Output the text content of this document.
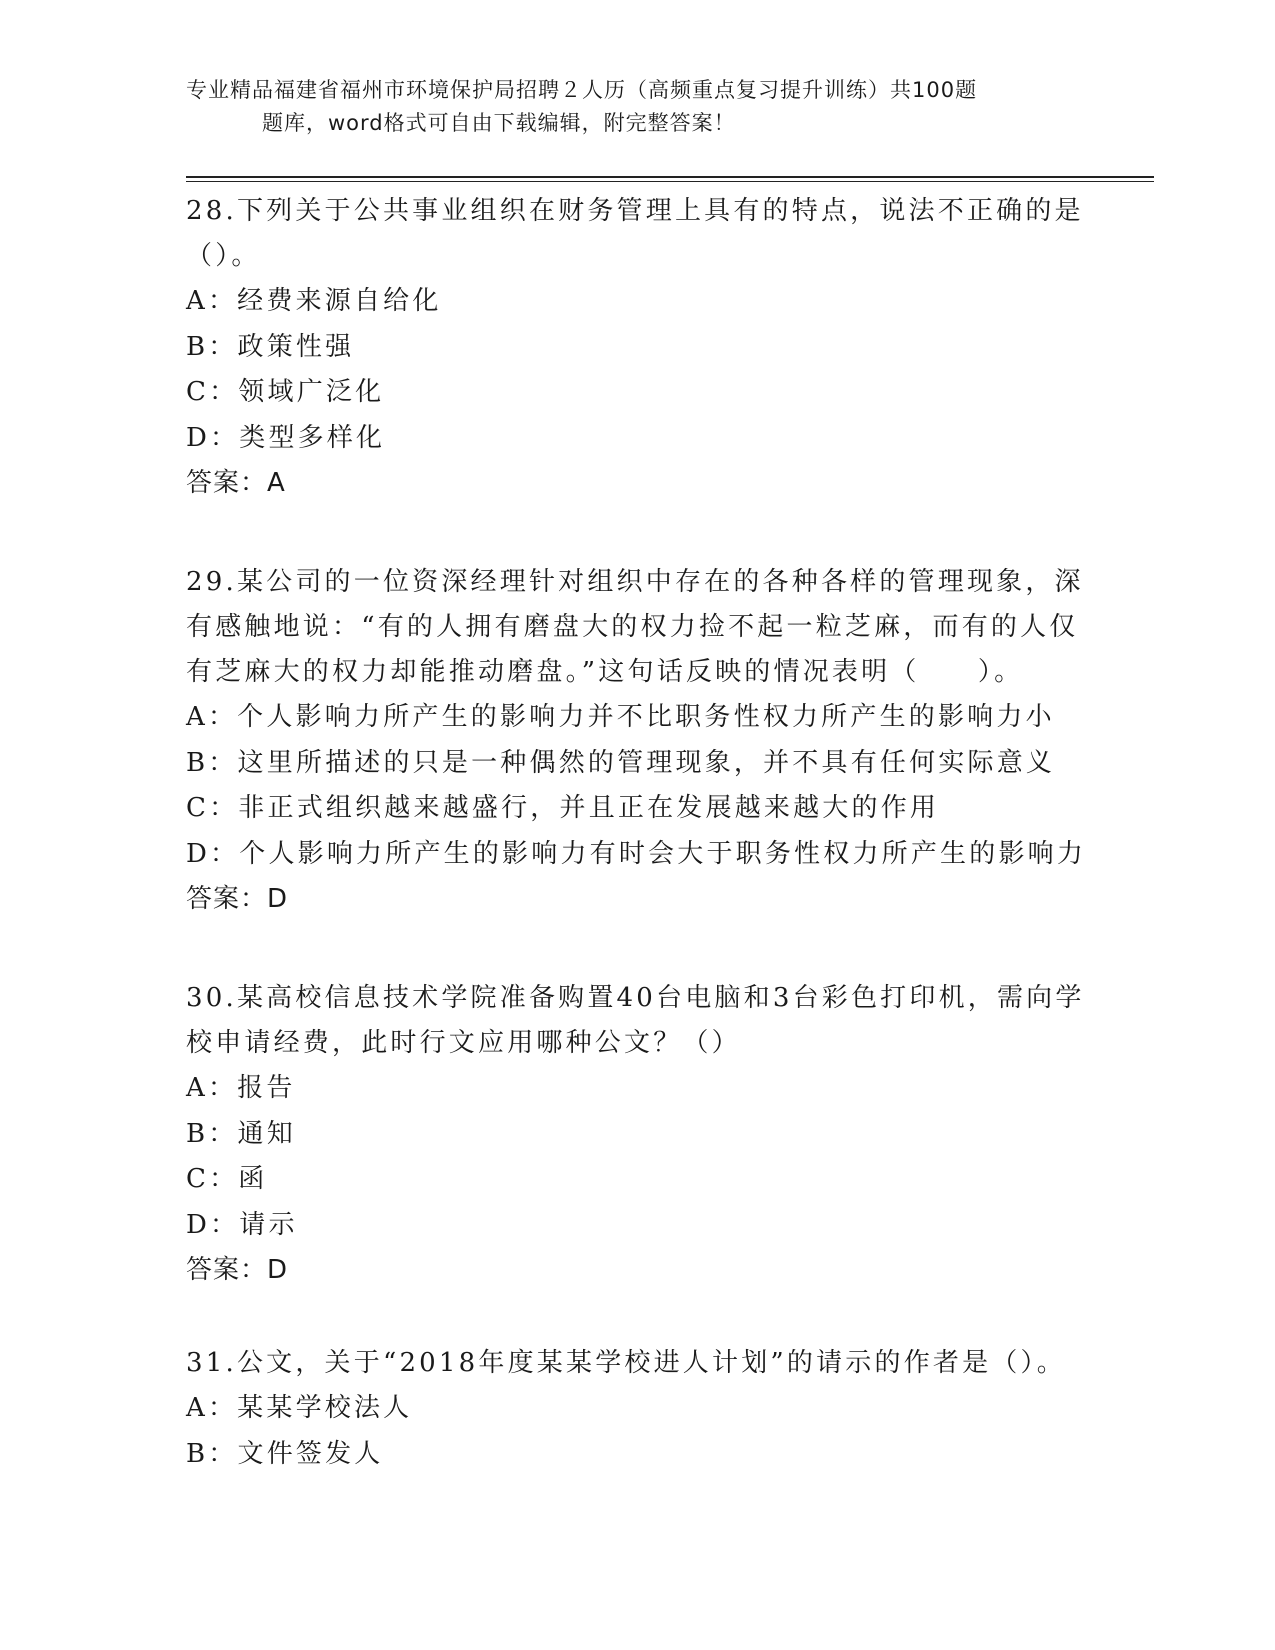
专业精品福建省福州市环境保护局招聘２人历（高频重点复习提升训练）共100题
题库，word格式可自由下载编辑，附完整答案！

28.下列关于公共事业组织在财务管理上具有的特点，说法不正确的是（）。

A：经费来源自给化

B：政策性强

C：领域广泛化

D：类型多样化

答案：A

29.某公司的一位资深经理针对组织中存在的各种各样的管理现象，深有感触地说：“有的人拥有磨盘大的权力捡不起一粒芝麻，而有的人仅有芝麻大的权力却能推动磨盘。”这句话反映的情况表明（　　）。

A：个人影响力所产生的影响力并不比职务性权力所产生的影响力小

B：这里所描述的只是一种偶然的管理现象，并不具有任何实际意义

C：非正式组织越来越盛行，并且正在发展越来越大的作用

D：个人影响力所产生的影响力有时会大于职务性权力所产生的影响力

答案：D

30.某高校信息技术学院准备购置40台电脑和3台彩色打印机，需向学校申请经费，此时行文应用哪种公文？（）

A：报告

B：通知

C：函

D：请示

答案：D

31.公文，关于“2018年度某某学校进人计划”的请示的作者是（）。

A：某某学校法人

B：文件签发人
